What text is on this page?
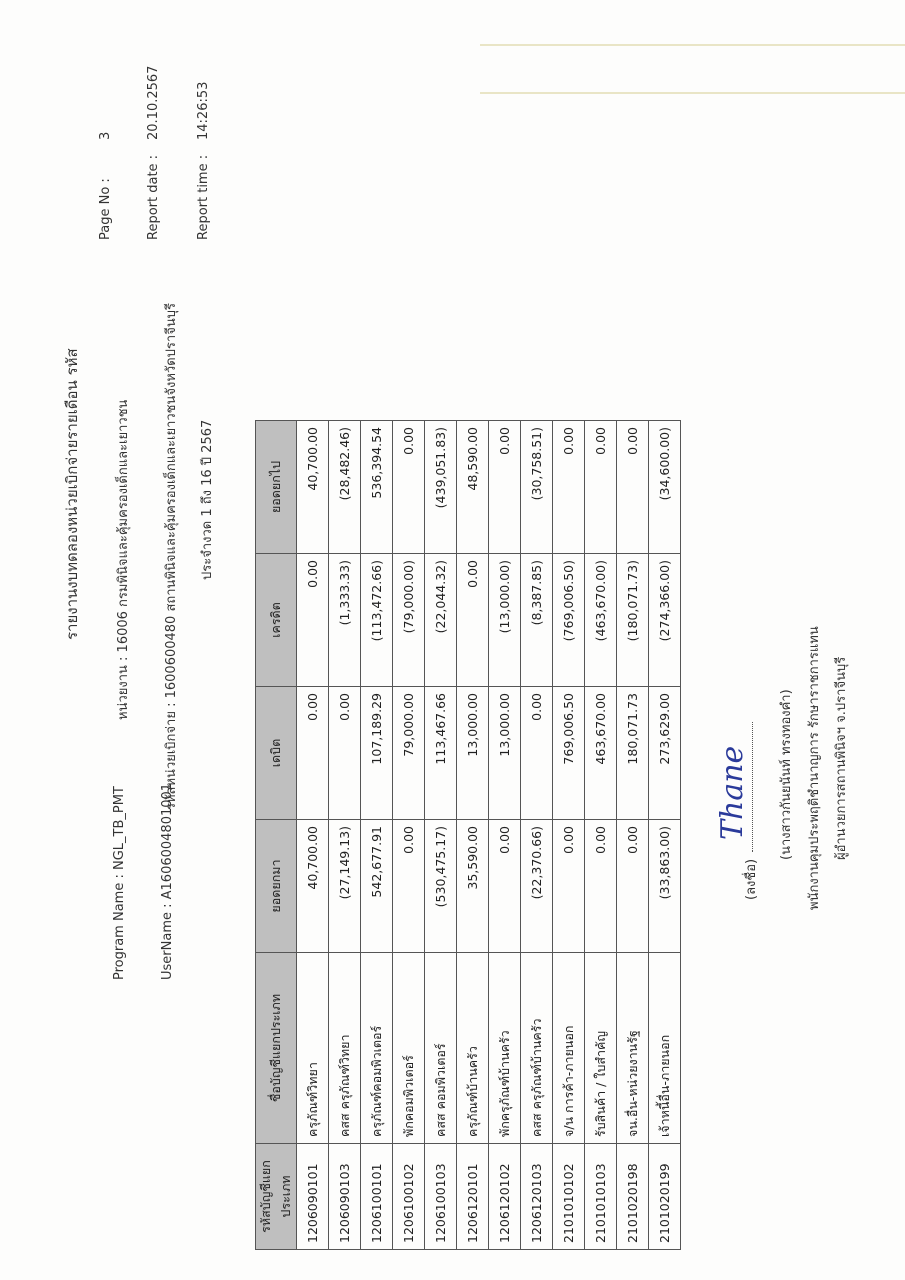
รายงานงบทดลองหน่วยเบิกจ่ายรายเดือน รหัส
Program Name : NGL_TB_PMT
หน่วยงาน : 16006 กรมพินิจและคุ้มครองเด็กและเยาวชน
Page No :
3
UserName : A1606004801001
รหัสหน่วยเบิกจ่าย : 1600600480 สถานพินิจและคุ้มครองเด็กและเยาวชนจังหวัดปราจีนบุรี
Report date :
20.10.2567
ประจำงวด 1 ถึง 16 ปี 2567
Report time :
14:26:53
รหัสบัญชีแยกประเภท	ชื่อบัญชีแยกประเภท	ยอดยกมา	เดบิต	เครดิต	ยอดยกไป
1206090101	ครุภัณฑ์วิทยา	40,700.00	0.00	0.00	40,700.00
1206090103	คสส ครุภัณฑ์วิทยา	(27,149.13)	0.00	(1,333.33)	(28,482.46)
1206100101	ครุภัณฑ์คอมพิวเตอร์	542,677.91	107,189.29	(113,472.66)	536,394.54
1206100102	พักคอมพิวเตอร์	0.00	79,000.00	(79,000.00)	0.00
1206100103	คสส คอมพิวเตอร์	(530,475.17)	113,467.66	(22,044.32)	(439,051.83)
1206120101	ครุภัณฑ์บ้านครัว	35,590.00	13,000.00	0.00	48,590.00
1206120102	พักครุภัณฑ์บ้านครัว	0.00	13,000.00	(13,000.00)	0.00
1206120103	คสส ครุภัณฑ์บ้านครัว	(22,370.66)	0.00	(8,387.85)	(30,758.51)
2101010102	จ/น การค้า-ภายนอก	0.00	769,006.50	(769,006.50)	0.00
2101010103	รับสินค้า / ใบสำคัญ	0.00	463,670.00	(463,670.00)	0.00
2101020198	จน.อื่น-หน่วยงานรัฐ	0.00	180,071.73	(180,071.73)	0.00
2101020199	เจ้าหนี้อื่น-ภายนอก	(33,863.00)	273,629.00	(274,366.00)	(34,600.00)
(ลงชื่อ)
Thane	(นางสาวกันยนันท์ ทรงทองคำ)	พนักงานคุมประพฤติชำนาญการ รักษาราชการแทน ผู้อำนวยการสถานพินิจฯ จ.ปราจีนบุรี
